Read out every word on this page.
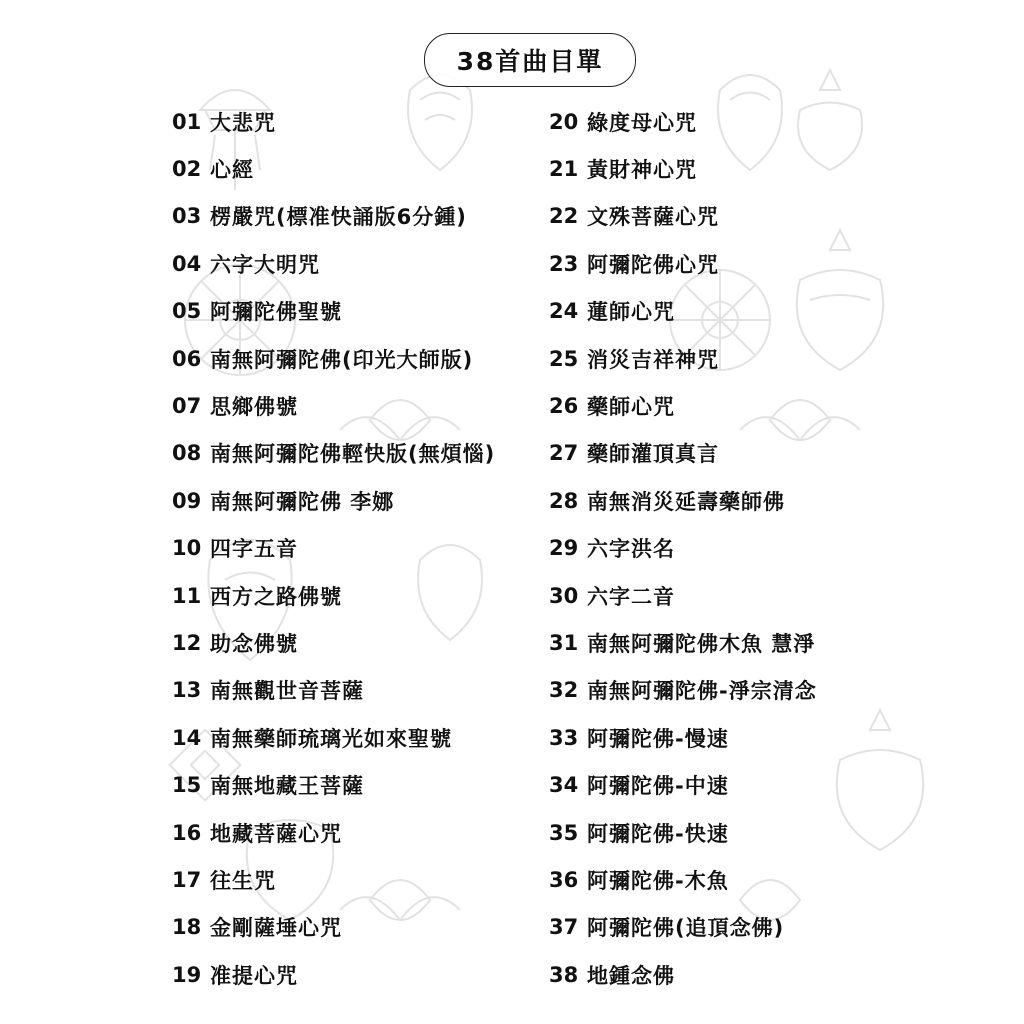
38首曲目單
01 大悲咒
02 心經
03 楞嚴咒(標准快誦版6分鍾)
04 六字大明咒
05 阿彌陀佛聖號
06 南無阿彌陀佛(印光大師版)
07 思鄉佛號
08 南無阿彌陀佛輕快版(無煩惱)
09 南無阿彌陀佛 李娜
10 四字五音
11 西方之路佛號
12 助念佛號
13 南無觀世音菩薩
14 南無藥師琉璃光如來聖號
15 南無地藏王菩薩
16 地藏菩薩心咒
17 往生咒
18 金剛薩埵心咒
19 准提心咒
20 綠度母心咒
21 黃財神心咒
22 文殊菩薩心咒
23 阿彌陀佛心咒
24 蓮師心咒
25 消災吉祥神咒
26 藥師心咒
27 藥師灌頂真言
28 南無消災延壽藥師佛
29 六字洪名
30 六字二音
31 南無阿彌陀佛木魚 慧淨
32 南無阿彌陀佛-淨宗清念
33 阿彌陀佛-慢速
34 阿彌陀佛-中速
35 阿彌陀佛-快速
36 阿彌陀佛-木魚
37 阿彌陀佛(追頂念佛)
38 地鍾念佛
